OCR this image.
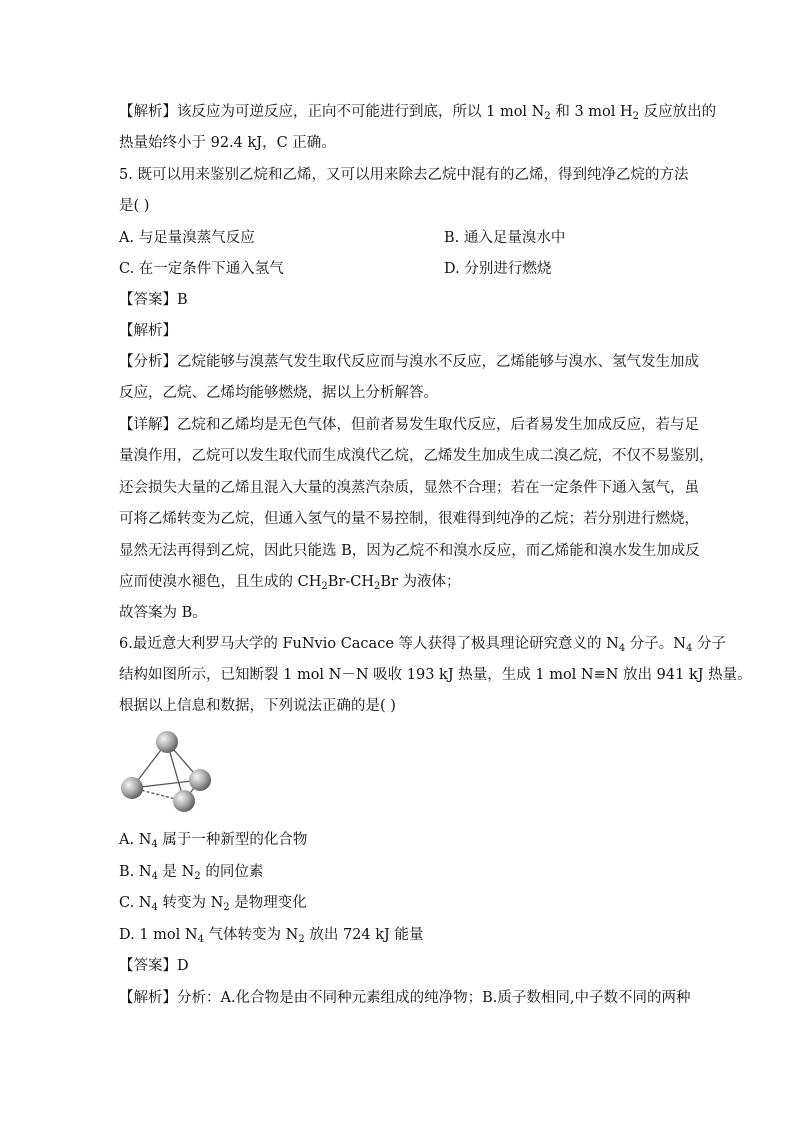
【解析】该反应为可逆反应，正向不可能进行到底，所以 1 mol $N_2$ 和 3 mol $H_2$ 反应放出的
热量始终小于 92.4 kJ，C 正确。
5. 既可以用来鉴别乙烷和乙烯，又可以用来除去乙烷中混有的乙烯，得到纯净乙烷的方法
是( )
A. 与足量溴蒸气反应	B. 通入足量溴水中
C. 在一定条件下通入氢气	D. 分别进行燃烧
【答案】B
【解析】
【分析】乙烷能够与溴蒸气发生取代反应而与溴水不反应，乙烯能够与溴水、氢气发生加成
反应，乙烷、乙烯均能够燃烧，据以上分析解答。
【详解】乙烷和乙烯均是无色气体，但前者易发生取代反应，后者易发生加成反应，若与足
量溴作用，乙烷可以发生取代而生成溴代乙烷，乙烯发生加成生成二溴乙烷，不仅不易鉴别，
还会损失大量的乙烯且混入大量的溴蒸汽杂质，显然不合理；若在一定条件下通入氢气，虽
可将乙烯转变为乙烷，但通入氢气的量不易控制，很难得到纯净的乙烷；若分别进行燃烧，
显然无法再得到乙烷，因此只能选 B，因为乙烷不和溴水反应，而乙烯能和溴水发生加成反
应而使溴水褪色，且生成的 $CH_2Br-CH_2Br$ 为液体；
故答案为 B。
6.最近意大利罗马大学的 FuNvio Cacace 等人获得了极具理论研究意义的 $N_4$ 分子。$N_4$ 分子
结构如图所示，已知断裂 1 mol N－N 吸收 193 kJ 热量，生成 1 mol N≡N 放出 941 kJ 热量。
根据以上信息和数据，下列说法正确的是( )
A. $N_4$ 属于一种新型的化合物
B. $N_4$ 是 $N_2$ 的同位素
C. $N_4$ 转变为 $N_2$ 是物理变化
D. 1 mol $N_4$ 气体转变为 $N_2$ 放出 724 kJ 能量
【答案】D
【解析】分析：A.化合物是由不同种元素组成的纯净物；B.质子数相同,中子数不同的两种
